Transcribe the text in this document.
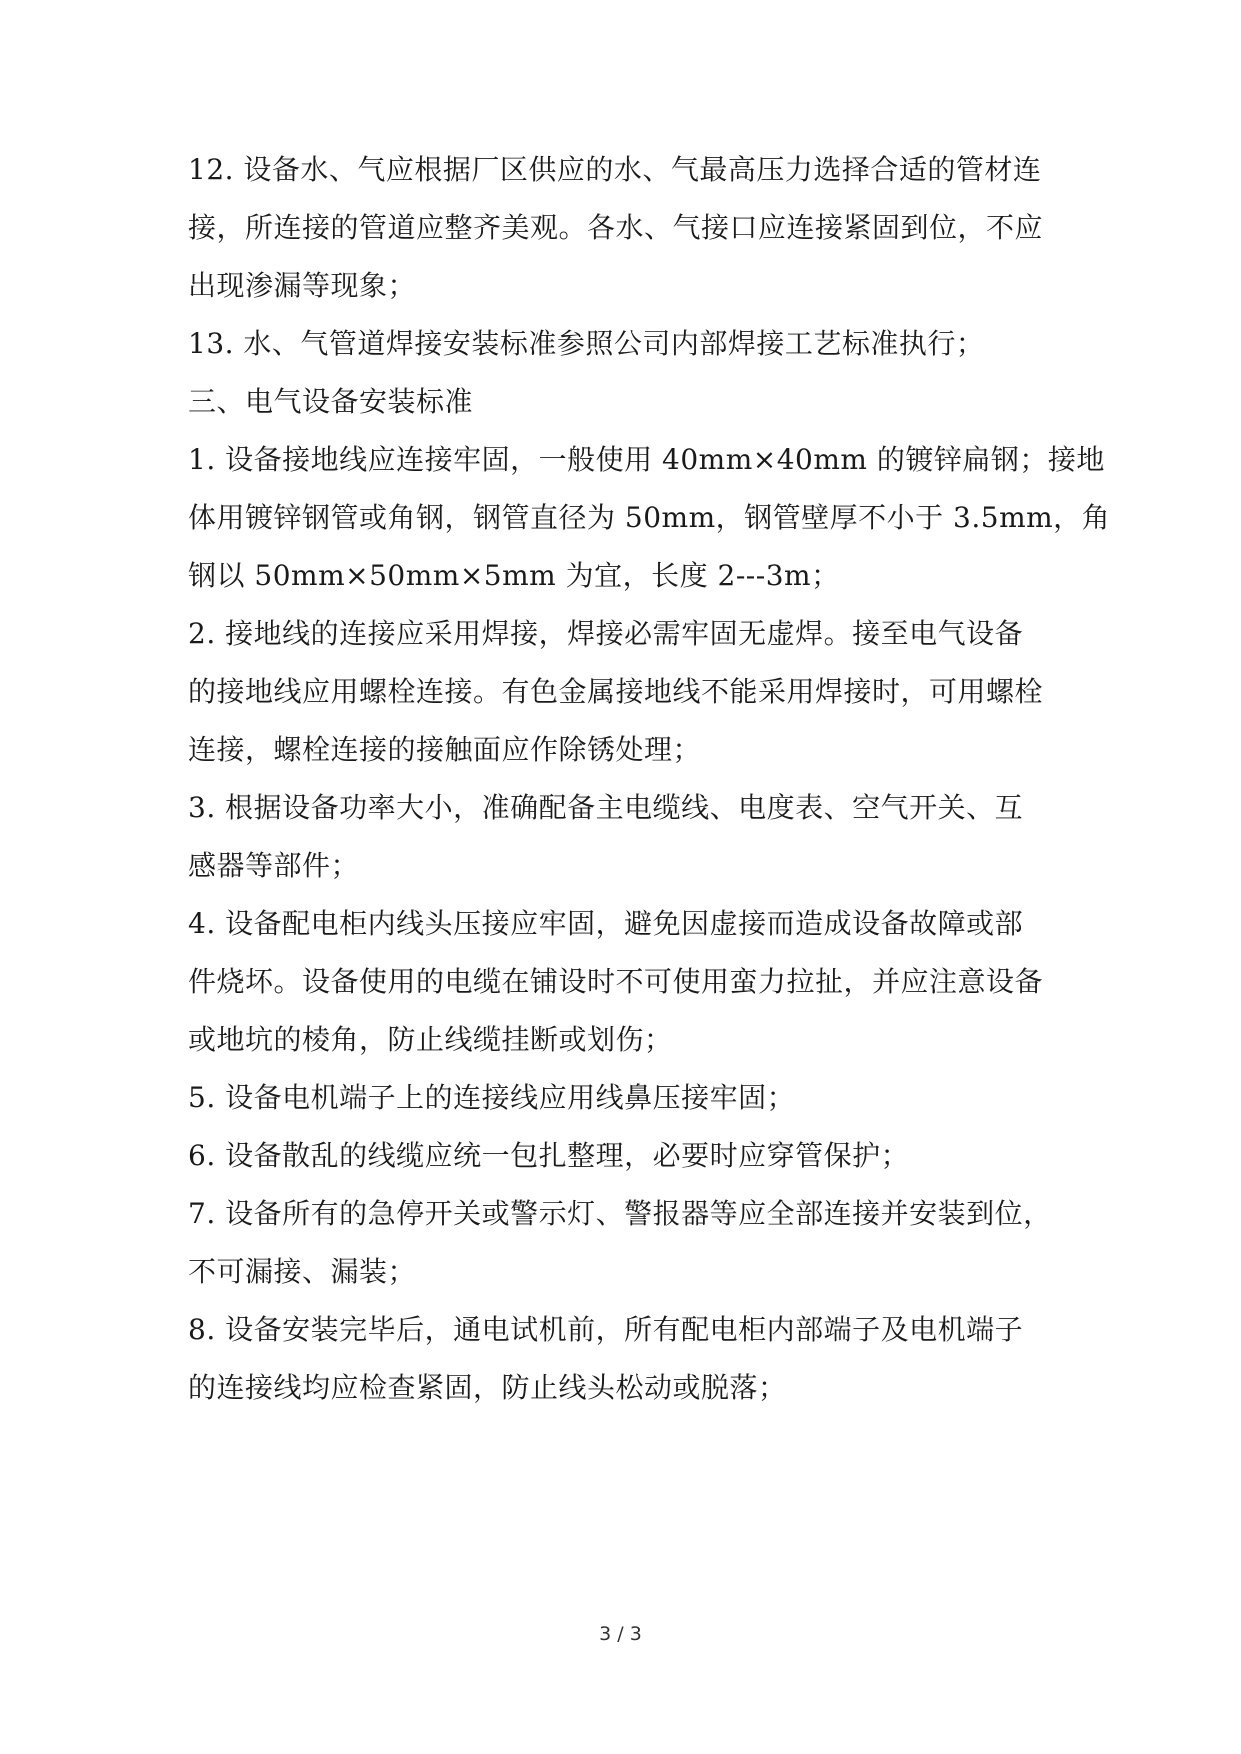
12. 设备水、气应根据厂区供应的水、气最高压力选择合适的管材连
接，所连接的管道应整齐美观。各水、气接口应连接紧固到位，不应
出现渗漏等现象；
13. 水、气管道焊接安装标准参照公司内部焊接工艺标准执行；
三、电气设备安装标准
1. 设备接地线应连接牢固，一般使用 40mm×40mm 的镀锌扁钢；接地
体用镀锌钢管或角钢，钢管直径为 50mm，钢管壁厚不小于 3.5mm，角
钢以 50mm×50mm×5mm 为宜，长度 2---3m；
2. 接地线的连接应采用焊接，焊接必需牢固无虚焊。接至电气设备
的接地线应用螺栓连接。有色金属接地线不能采用焊接时，可用螺栓
连接，螺栓连接的接触面应作除锈处理；
3. 根据设备功率大小，准确配备主电缆线、电度表、空气开关、互
感器等部件；
4. 设备配电柜内线头压接应牢固，避免因虚接而造成设备故障或部
件烧坏。设备使用的电缆在铺设时不可使用蛮力拉扯，并应注意设备
或地坑的棱角，防止线缆挂断或划伤；
5. 设备电机端子上的连接线应用线鼻压接牢固；
6. 设备散乱的线缆应统一包扎整理，必要时应穿管保护；
7. 设备所有的急停开关或警示灯、警报器等应全部连接并安装到位，
不可漏接、漏装；
8. 设备安装完毕后，通电试机前，所有配电柜内部端子及电机端子
的连接线均应检查紧固，防止线头松动或脱落；
3 / 3
